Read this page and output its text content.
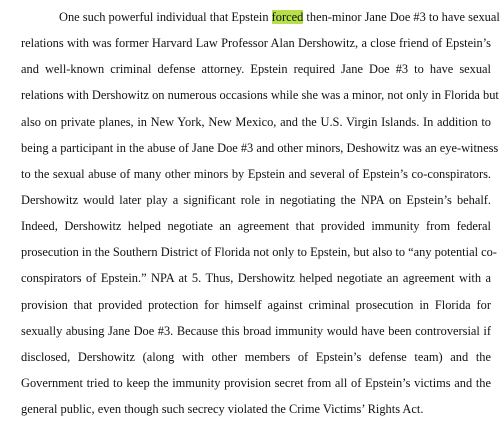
One such powerful individual that Epstein forced then-minor Jane Doe #3 to have sexual
relations with was former Harvard Law Professor Alan Dershowitz, a close friend of Epstein’s
and well-known criminal defense attorney. Epstein required Jane Doe #3 to have sexual
relations with Dershowitz on numerous occasions while she was a minor, not only in Florida but
also on private planes, in New York, New Mexico, and the U.S. Virgin Islands. In addition to
being a participant in the abuse of Jane Doe #3 and other minors, Deshowitz was an eye-witness
to the sexual abuse of many other minors by Epstein and several of Epstein’s co-conspirators.
Dershowitz would later play a significant role in negotiating the NPA on Epstein’s behalf.
Indeed, Dershowitz helped negotiate an agreement that provided immunity from federal
prosecution in the Southern District of Florida not only to Epstein, but also to “any potential co-
conspirators of Epstein.” NPA at 5. Thus, Dershowitz helped negotiate an agreement with a
provision that provided protection for himself against criminal prosecution in Florida for
sexually abusing Jane Doe #3. Because this broad immunity would have been controversial if
disclosed, Dershowitz (along with other members of Epstein’s defense team) and the
Government tried to keep the immunity provision secret from all of Epstein’s victims and the
general public, even though such secrecy violated the Crime Victims’ Rights Act.
